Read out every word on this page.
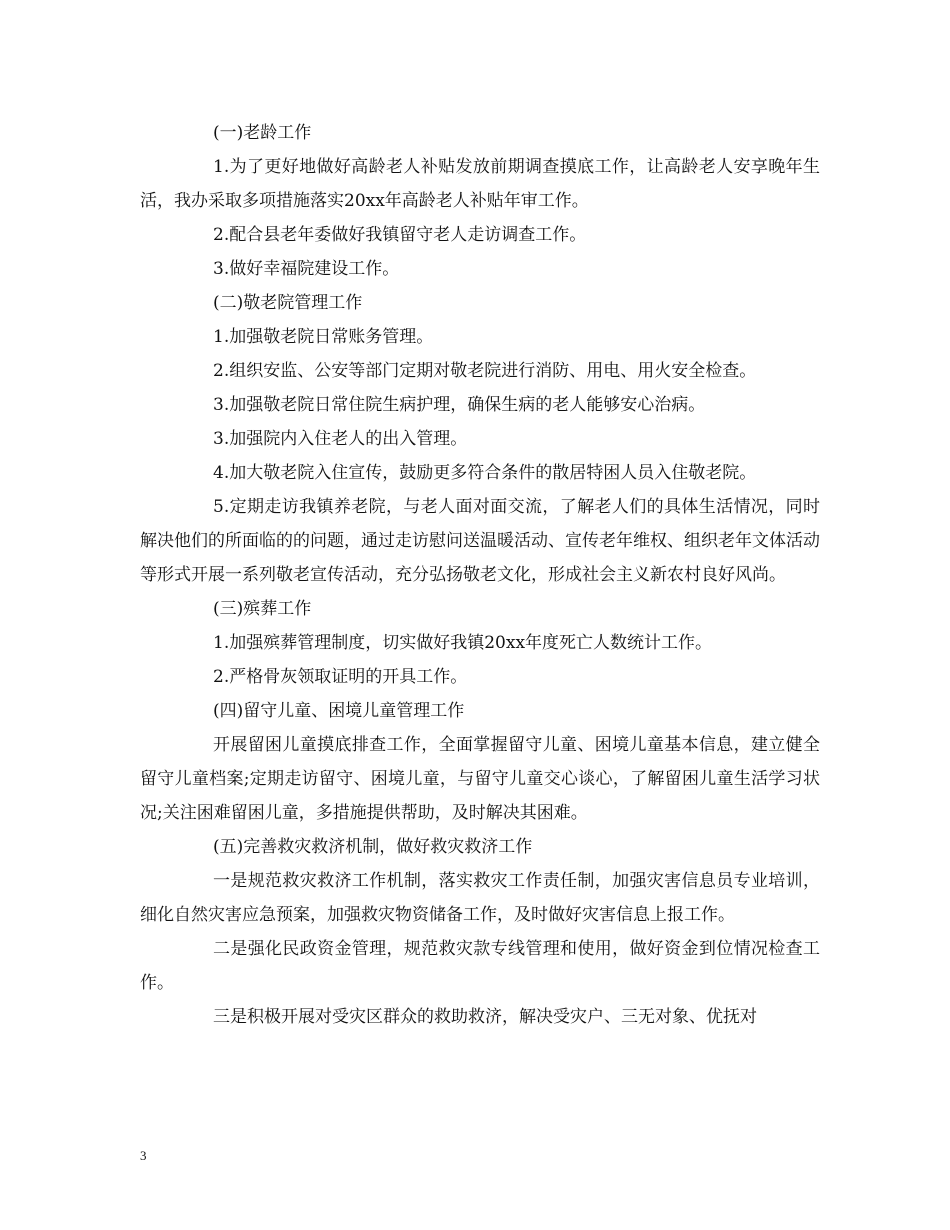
(一)老龄工作

1.为了更好地做好高龄老人补贴发放前期调查摸底工作，让高龄老人安享晚年生活，我办采取多项措施落实20xx年高龄老人补贴年审工作。

2.配合县老年委做好我镇留守老人走访调查工作。

3.做好幸福院建设工作。

(二)敬老院管理工作

1.加强敬老院日常账务管理。

2.组织安监、公安等部门定期对敬老院进行消防、用电、用火安全检查。

3.加强敬老院日常住院生病护理，确保生病的老人能够安心治病。

3.加强院内入住老人的出入管理。

4.加大敬老院入住宣传，鼓励更多符合条件的散居特困人员入住敬老院。

5.定期走访我镇养老院，与老人面对面交流，了解老人们的具体生活情况，同时解决他们的所面临的的问题，通过走访慰问送温暖活动、宣传老年维权、组织老年文体活动等形式开展一系列敬老宣传活动，充分弘扬敬老文化，形成社会主义新农村良好风尚。

(三)殡葬工作

1.加强殡葬管理制度，切实做好我镇20xx年度死亡人数统计工作。

2.严格骨灰领取证明的开具工作。

(四)留守儿童、困境儿童管理工作

开展留困儿童摸底排查工作，全面掌握留守儿童、困境儿童基本信息，建立健全留守儿童档案;定期走访留守、困境儿童，与留守儿童交心谈心，了解留困儿童生活学习状况;关注困难留困儿童，多措施提供帮助，及时解决其困难。

(五)完善救灾救济机制，做好救灾救济工作

一是规范救灾救济工作机制，落实救灾工作责任制，加强灾害信息员专业培训，细化自然灾害应急预案，加强救灾物资储备工作，及时做好灾害信息上报工作。

二是强化民政资金管理，规范救灾款专线管理和使用，做好资金到位情况检查工作。

三是积极开展对受灾区群众的救助救济，解决受灾户、三无对象、优抚对

3
